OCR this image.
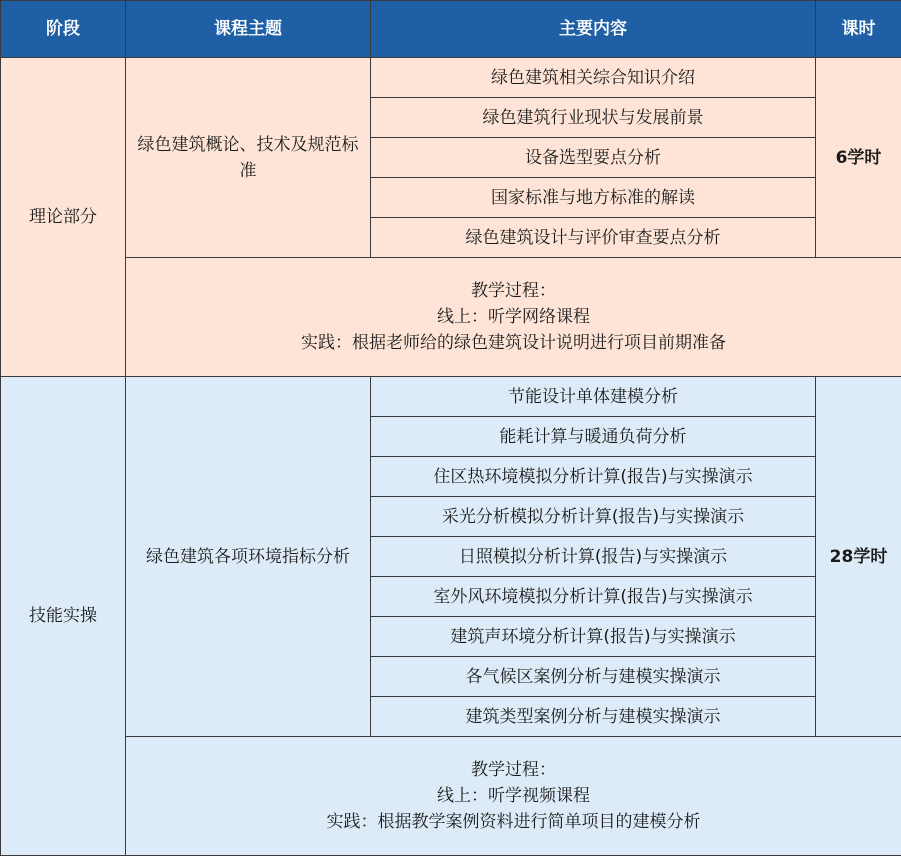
阶段	课程主题	主要内容	课时
理论部分	绿色建筑概论、技术及规范标准	绿色建筑相关综合知识介绍	6学时
		绿色建筑行业现状与发展前景	
		设备选型要点分析	
		国家标准与地方标准的解读	
		绿色建筑设计与评价审查要点分析	

	教学过程：
线上：听学网络课程
实践：根据老师给的绿色建筑设计说明进行项目前期准备		

技能实操	绿色建筑各项环境指标分析	节能设计单体建模分析	28学时
		能耗计算与暖通负荷分析	
		住区热环境模拟分析计算(报告)与实操演示	
		采光分析模拟分析计算(报告)与实操演示	
		日照模拟分析计算(报告)与实操演示	
		室外风环境模拟分析计算(报告)与实操演示	
		建筑声环境分析计算(报告)与实操演示	
		各气候区案例分析与建模实操演示	
		建筑类型案例分析与建模实操演示	

	教学过程：
线上：听学视频课程
实践：根据教学案例资料进行简单项目的建模分析		
